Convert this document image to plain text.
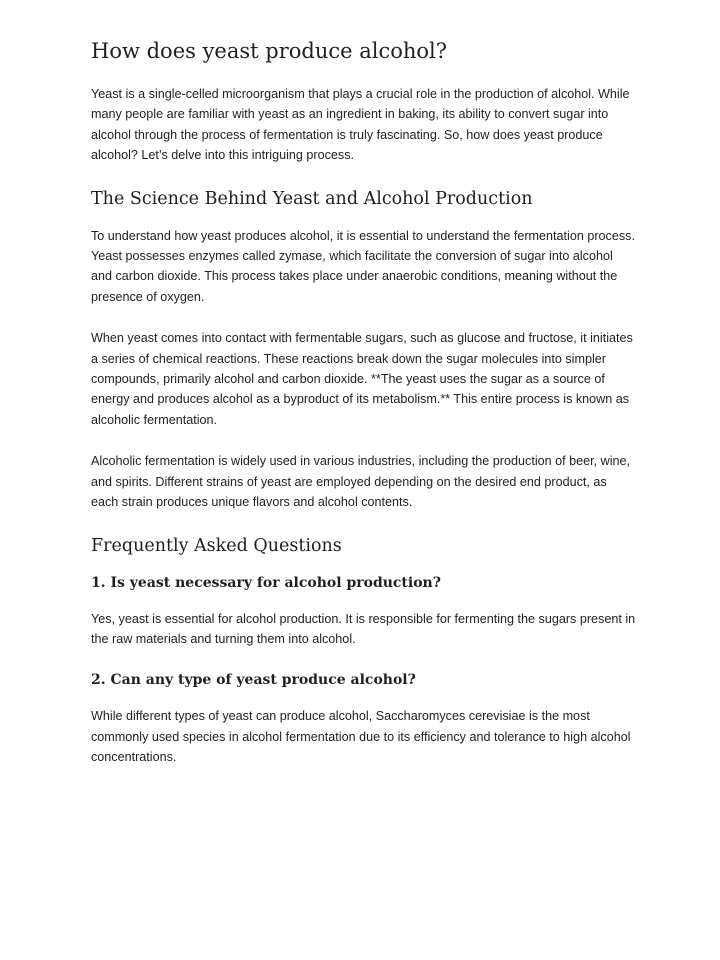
How does yeast produce alcohol?

Yeast is a single-celled microorganism that plays a crucial role in the production of alcohol. While many people are familiar with yeast as an ingredient in baking, its ability to convert sugar into alcohol through the process of fermentation is truly fascinating. So, how does yeast produce alcohol? Let’s delve into this intriguing process.

The Science Behind Yeast and Alcohol Production

To understand how yeast produces alcohol, it is essential to understand the fermentation process. Yeast possesses enzymes called zymase, which facilitate the conversion of sugar into alcohol and carbon dioxide. This process takes place under anaerobic conditions, meaning without the presence of oxygen.

When yeast comes into contact with fermentable sugars, such as glucose and fructose, it initiates a series of chemical reactions. These reactions break down the sugar molecules into simpler compounds, primarily alcohol and carbon dioxide. **The yeast uses the sugar as a source of energy and produces alcohol as a byproduct of its metabolism.** This entire process is known as alcoholic fermentation.

Alcoholic fermentation is widely used in various industries, including the production of beer, wine, and spirits. Different strains of yeast are employed depending on the desired end product, as each strain produces unique flavors and alcohol contents.

Frequently Asked Questions
1. Is yeast necessary for alcohol production?

Yes, yeast is essential for alcohol production. It is responsible for fermenting the sugars present in the raw materials and turning them into alcohol.

2. Can any type of yeast produce alcohol?

While different types of yeast can produce alcohol, Saccharomyces cerevisiae is the most commonly used species in alcohol fermentation due to its efficiency and tolerance to high alcohol concentrations.
